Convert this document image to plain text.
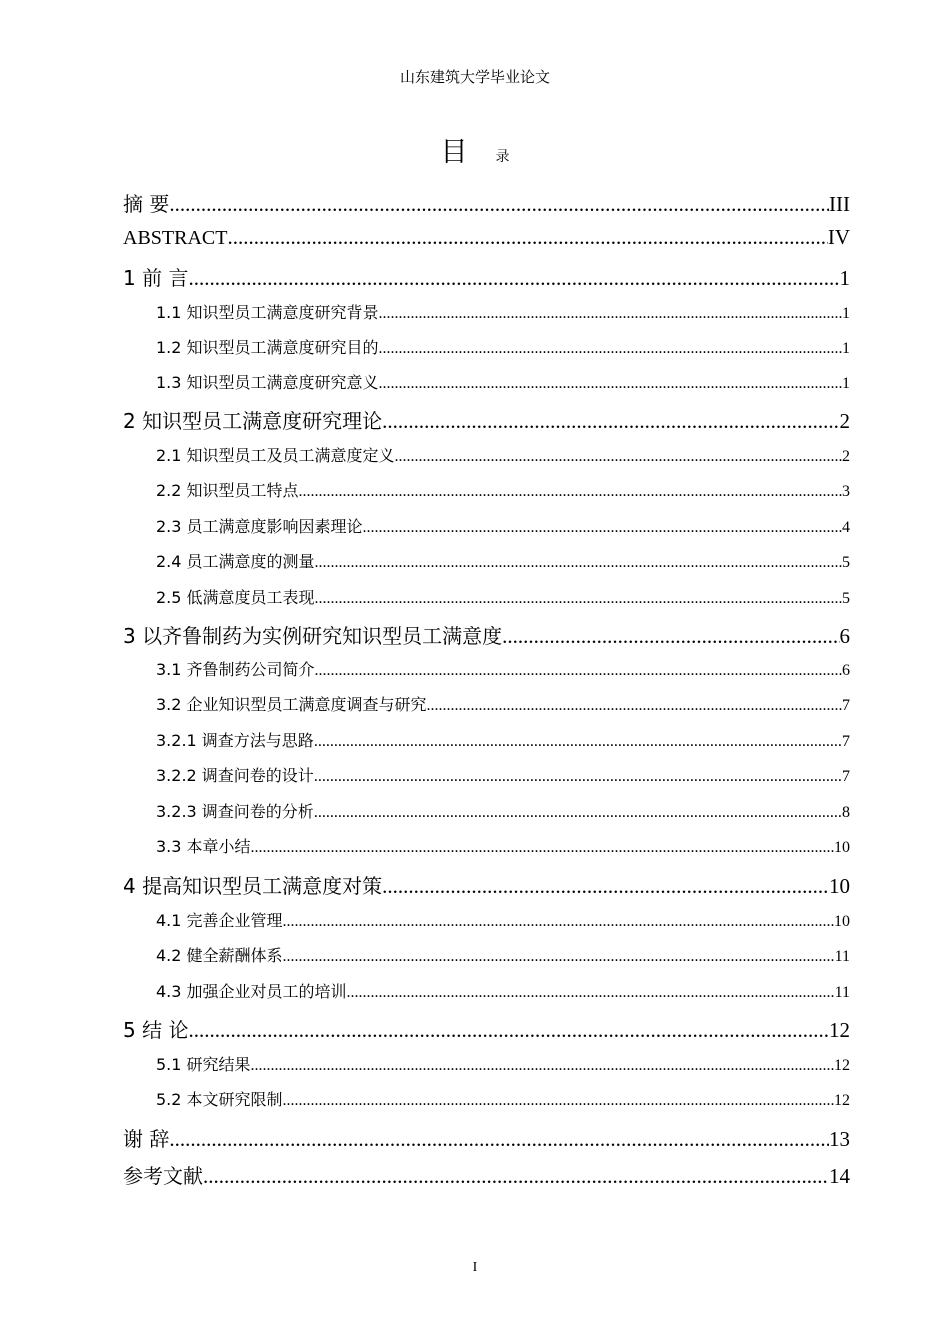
山东建筑大学毕业论文
目 录
摘 要 .....	III
ABSTRACT .....	IV
1 前 言 .....	1
1.1 知识型员工满意度研究背景 .....	1
1.2 知识型员工满意度研究目的 .....	1
1.3 知识型员工满意度研究意义 .....	1
2 知识型员工满意度研究理论 .....	2
2.1 知识型员工及员工满意度定义 .....	2
2.2 知识型员工特点 .....	3
2.3 员工满意度影响因素理论 .....	4
2.4 员工满意度的测量 .....	5
2.5 低满意度员工表现 .....	5
3 以齐鲁制药为实例研究知识型员工满意度 .....	6
3.1 齐鲁制药公司简介 .....	6
3.2 企业知识型员工满意度调查与研究 .....	7
3.2.1 调查方法与思路 .....	7
3.2.2 调查问卷的设计 .....	7
3.2.3 调查问卷的分析 .....	8
3.3 本章小结 .....	10
4 提高知识型员工满意度对策 .....	10
4.1 完善企业管理 .....	10
4.2 健全薪酬体系 .....	11
4.3 加强企业对员工的培训 .....	11
5 结 论 .....	12
5.1 研究结果 .....	12
5.2 本文研究限制 .....	12
谢 辞 .....	13
参考文献 .....	14
I
